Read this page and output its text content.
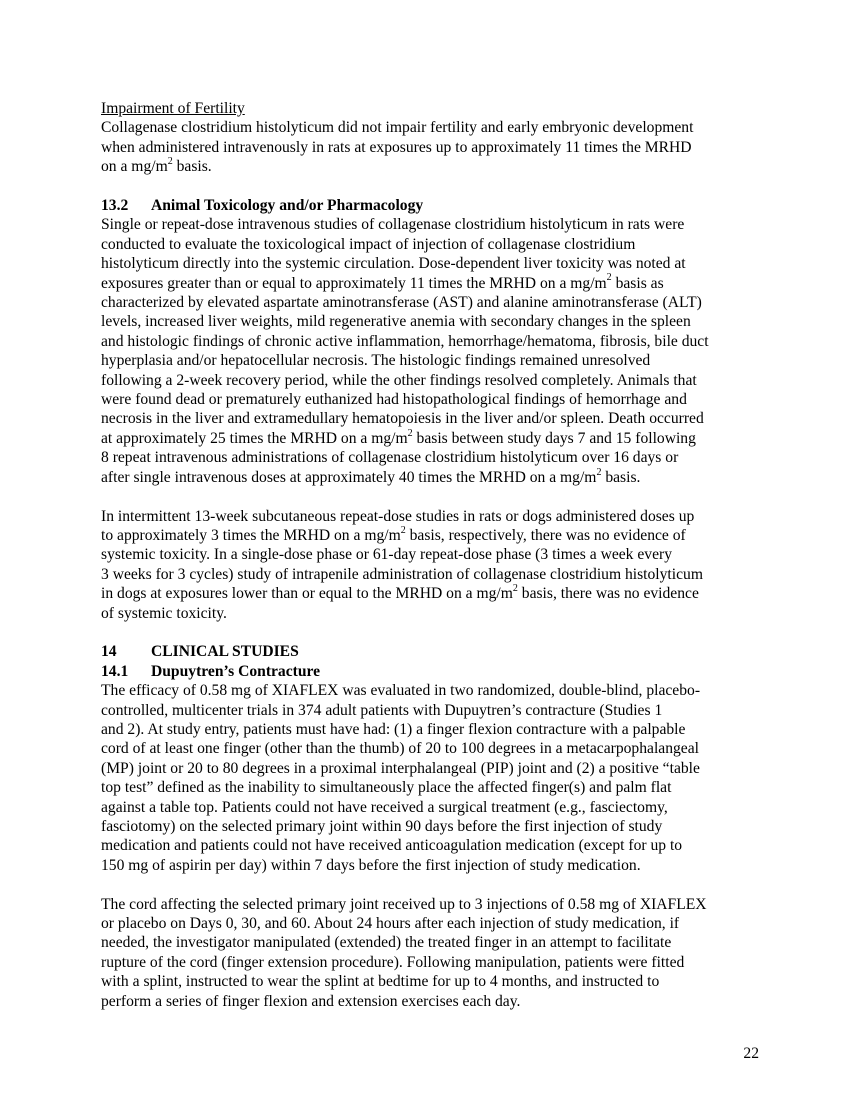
Impairment of Fertility
Collagenase clostridium histolyticum did not impair fertility and early embryonic development
when administered intravenously in rats at exposures up to approximately 11 times the MRHD
on a $mg/m^2$ basis.
13.2 Animal Toxicology and/or Pharmacology
Single or repeat-dose intravenous studies of collagenase clostridium histolyticum in rats were
conducted to evaluate the toxicological impact of injection of collagenase clostridium
histolyticum directly into the systemic circulation. Dose-dependent liver toxicity was noted at
exposures greater than or equal to approximately 11 times the MRHD on a $mg/m^2$ basis as
characterized by elevated aspartate aminotransferase (AST) and alanine aminotransferase (ALT)
levels, increased liver weights, mild regenerative anemia with secondary changes in the spleen
and histologic findings of chronic active inflammation, hemorrhage/hematoma, fibrosis, bile duct
hyperplasia and/or hepatocellular necrosis. The histologic findings remained unresolved
following a 2-week recovery period, while the other findings resolved completely. Animals that
were found dead or prematurely euthanized had histopathological findings of hemorrhage and
necrosis in the liver and extramedullary hematopoiesis in the liver and/or spleen. Death occurred
at approximately 25 times the MRHD on a $mg/m^2$ basis between study days 7 and 15 following
8 repeat intravenous administrations of collagenase clostridium histolyticum over 16 days or
after single intravenous doses at approximately 40 times the MRHD on a $mg/m^2$ basis.
In intermittent 13-week subcutaneous repeat-dose studies in rats or dogs administered doses up
to approximately 3 times the MRHD on a $mg/m^2$ basis, respectively, there was no evidence of
systemic toxicity. In a single-dose phase or 61-day repeat-dose phase (3 times a week every
3 weeks for 3 cycles) study of intrapenile administration of collagenase clostridium histolyticum
in dogs at exposures lower than or equal to the MRHD on a $mg/m^2$ basis, there was no evidence
of systemic toxicity.
14 CLINICAL STUDIES
14.1 Dupuytren’s Contracture
The efficacy of 0.58 mg of XIAFLEX was evaluated in two randomized, double-blind, placebo-
controlled, multicenter trials in 374 adult patients with Dupuytren’s contracture (Studies 1
and 2). At study entry, patients must have had: (1) a finger flexion contracture with a palpable
cord of at least one finger (other than the thumb) of 20 to 100 degrees in a metacarpophalangeal
(MP) joint or 20 to 80 degrees in a proximal interphalangeal (PIP) joint and (2) a positive “table
top test” defined as the inability to simultaneously place the affected finger(s) and palm flat
against a table top. Patients could not have received a surgical treatment (e.g., fasciectomy,
fasciotomy) on the selected primary joint within 90 days before the first injection of study
medication and patients could not have received anticoagulation medication (except for up to
150 mg of aspirin per day) within 7 days before the first injection of study medication.
The cord affecting the selected primary joint received up to 3 injections of 0.58 mg of XIAFLEX
or placebo on Days 0, 30, and 60. About 24 hours after each injection of study medication, if
needed, the investigator manipulated (extended) the treated finger in an attempt to facilitate
rupture of the cord (finger extension procedure). Following manipulation, patients were fitted
with a splint, instructed to wear the splint at bedtime for up to 4 months, and instructed to
perform a series of finger flexion and extension exercises each day.
22
